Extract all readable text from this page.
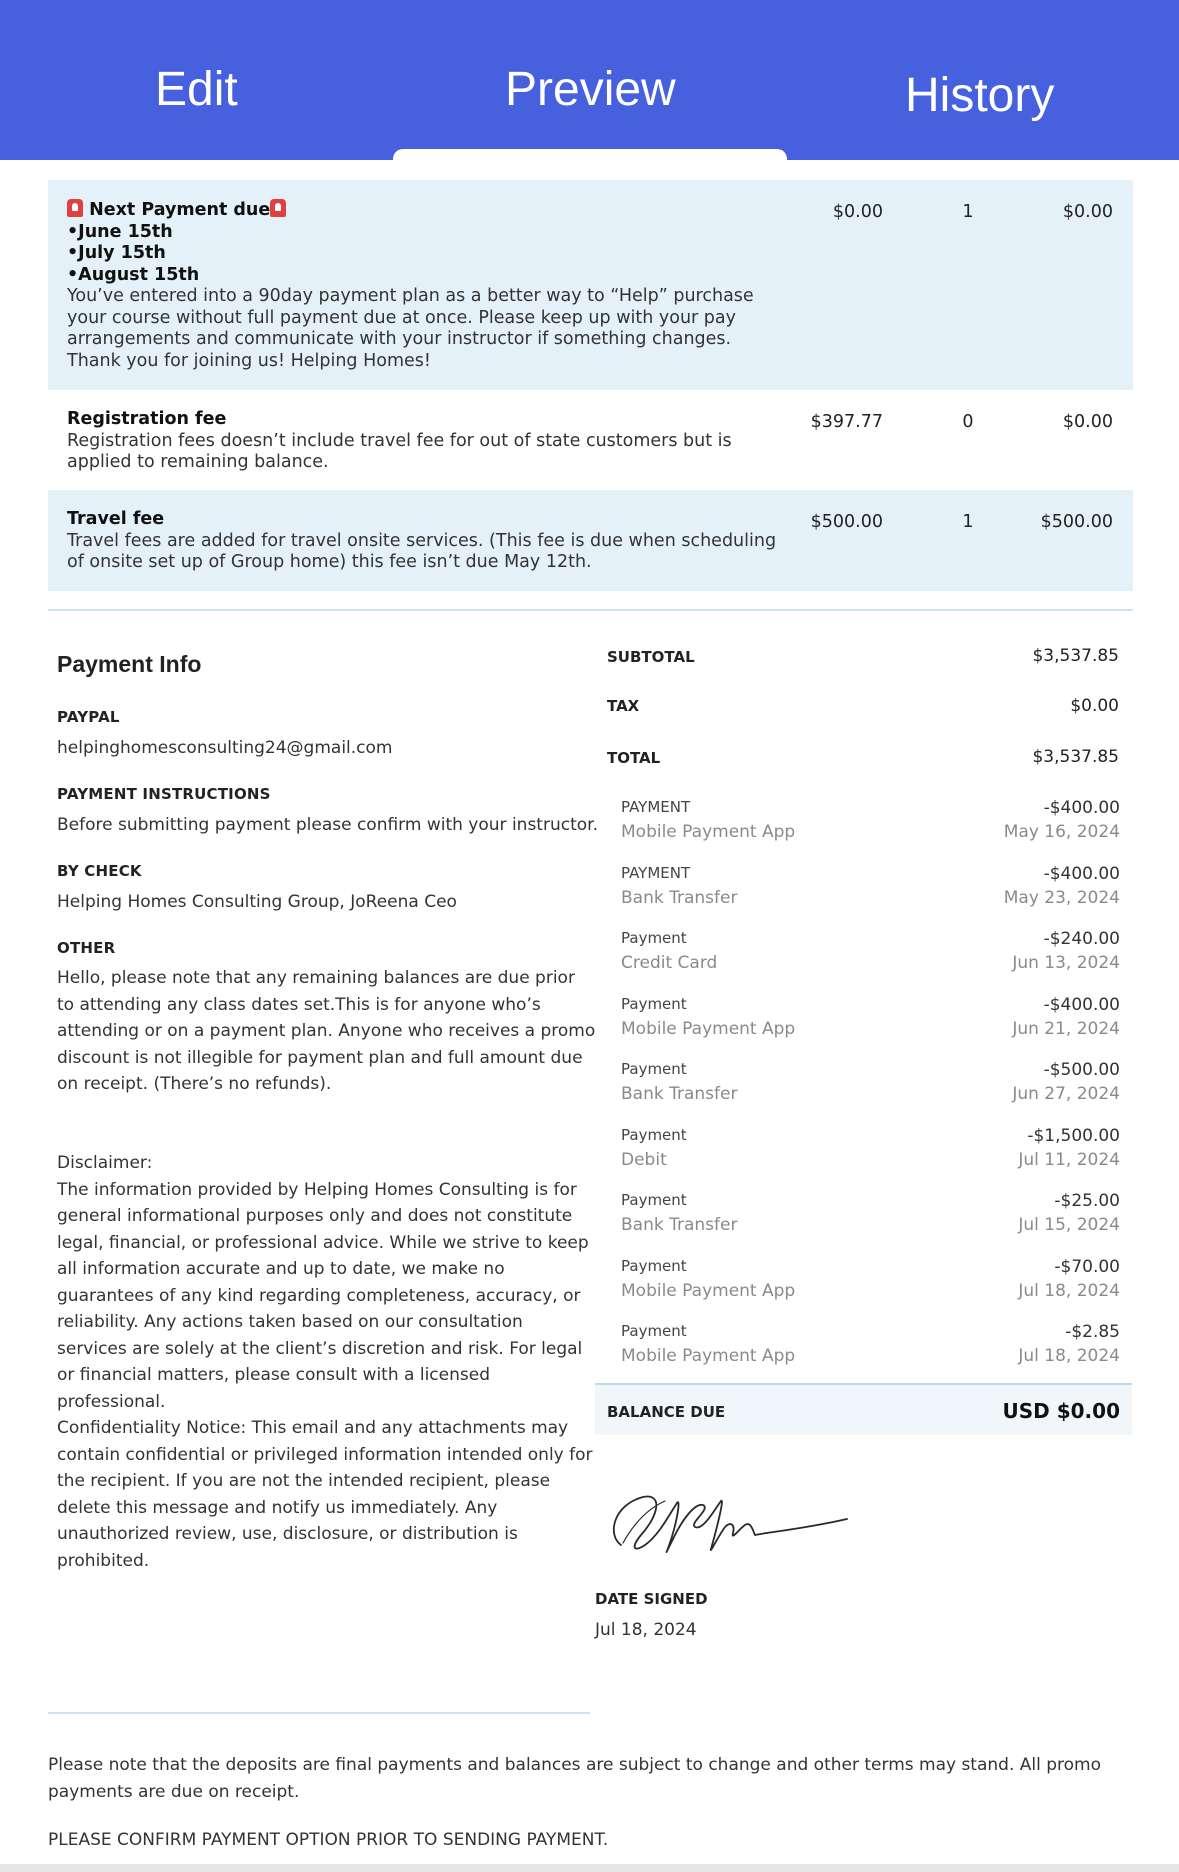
Edit	Preview	History
Next Payment due
•June 15th
•July 15th
•August 15th
You’ve entered into a 90day payment plan as a better way to “Help” purchase your course without full payment due at once. Please keep up with your pay arrangements and communicate with your instructor if something changes. Thank you for joining us! Helping Homes!
$0.00	1	$0.00
Registration fee
Registration fees doesn’t include travel fee for out of state customers but is applied to remaining balance.
$397.77	0	$0.00
Travel fee
Travel fees are added for travel onsite services. (This fee is due when scheduling of onsite set up of Group home) this fee isn’t due May 12th.
$500.00	1	$500.00
Payment Info
PAYPAL
helpinghomesconsulting24@gmail.com
PAYMENT INSTRUCTIONS
Before submitting payment please confirm with your instructor.
BY CHECK
Helping Homes Consulting Group, JoReena Ceo
OTHER
Hello, please note that any remaining balances are due prior to attending any class dates set.This is for anyone who’s attending or on a payment plan. Anyone who receives a promo discount is not illegible for payment plan and full amount due on receipt. (There’s no refunds).
Disclaimer:
The information provided by Helping Homes Consulting is for general informational purposes only and does not constitute legal, financial, or professional advice. While we strive to keep all information accurate and up to date, we make no guarantees of any kind regarding completeness, accuracy, or reliability. Any actions taken based on our consultation services are solely at the client’s discretion and risk. For legal or financial matters, please consult with a licensed professional.
Confidentiality Notice: This email and any attachments may contain confidential or privileged information intended only for the recipient. If you are not the intended recipient, please delete this message and notify us immediately. Any unauthorized review, use, disclosure, or distribution is prohibited.
SUBTOTAL	$3,537.85
TAX	$0.00
TOTAL	$3,537.85
PAYMENT
Mobile Payment App
-$400.00
May 16, 2024
PAYMENT
Bank Transfer
-$400.00
May 23, 2024
Payment
Credit Card
-$240.00
Jun 13, 2024
Payment
Mobile Payment App
-$400.00
Jun 21, 2024
Payment
Bank Transfer
-$500.00
Jun 27, 2024
Payment
Debit
-$1,500.00
Jul 11, 2024
Payment
Bank Transfer
-$25.00
Jul 15, 2024
Payment
Mobile Payment App
-$70.00
Jul 18, 2024
Payment
Mobile Payment App
-$2.85
Jul 18, 2024
BALANCE DUE	USD $0.00
DATE SIGNED
Jul 18, 2024
Please note that the deposits are final payments and balances are subject to change and other terms may stand. All promo payments are due on receipt.
PLEASE CONFIRM PAYMENT OPTION PRIOR TO SENDING PAYMENT.
